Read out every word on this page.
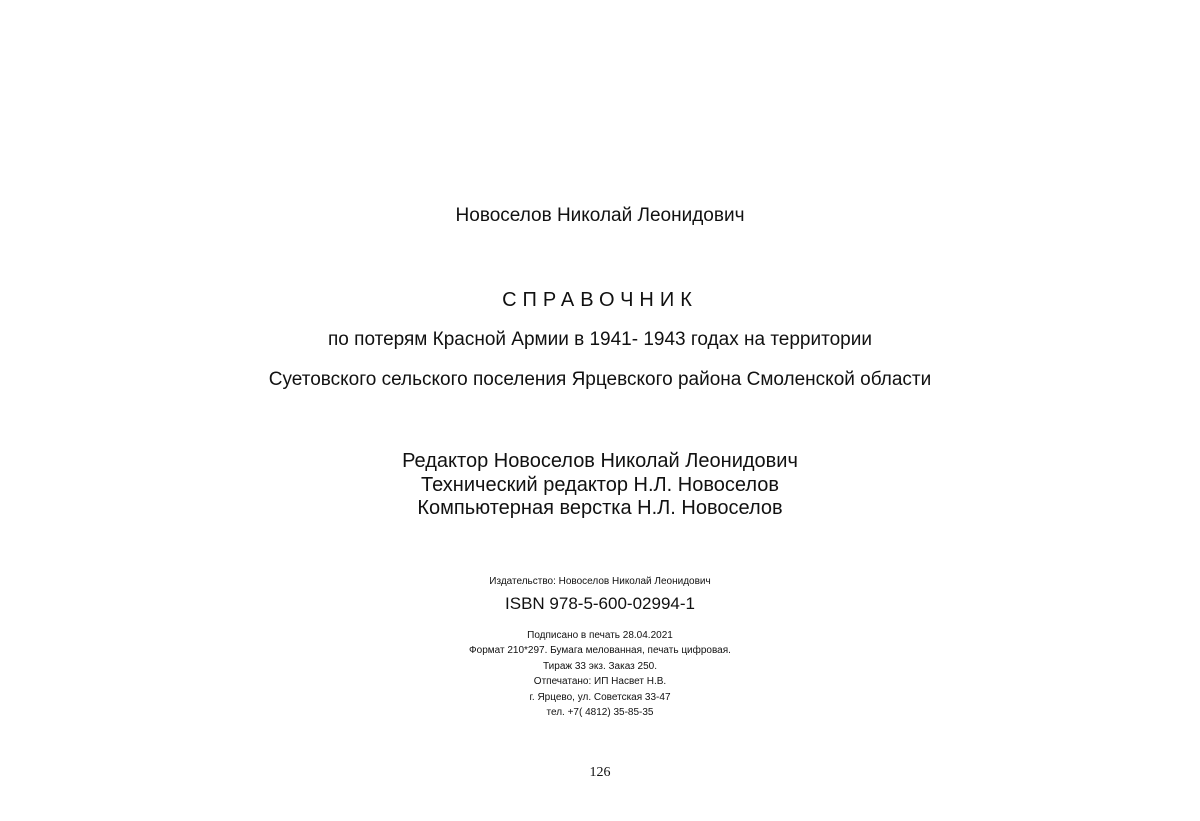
Новоселов Николай Леонидович
СПРАВОЧНИК
по потерям Красной Армии в 1941- 1943 годах на территории
Суетовского сельского поселения Ярцевского района Смоленской области
Редактор Новоселов Николай Леонидович
Технический редактор Н.Л. Новоселов
Компьютерная верстка Н.Л. Новоселов
Издательство: Новоселов Николай Леонидович
ISBN 978-5-600-02994-1
Подписано в печать 28.04.2021
Формат 210*297. Бумага мелованная, печать цифровая.
Тираж 33 экз. Заказ 250.
Отпечатано: ИП Насвет Н.В.
г. Ярцево, ул. Советская 33-47
тел. +7( 4812) 35-85-35
126
